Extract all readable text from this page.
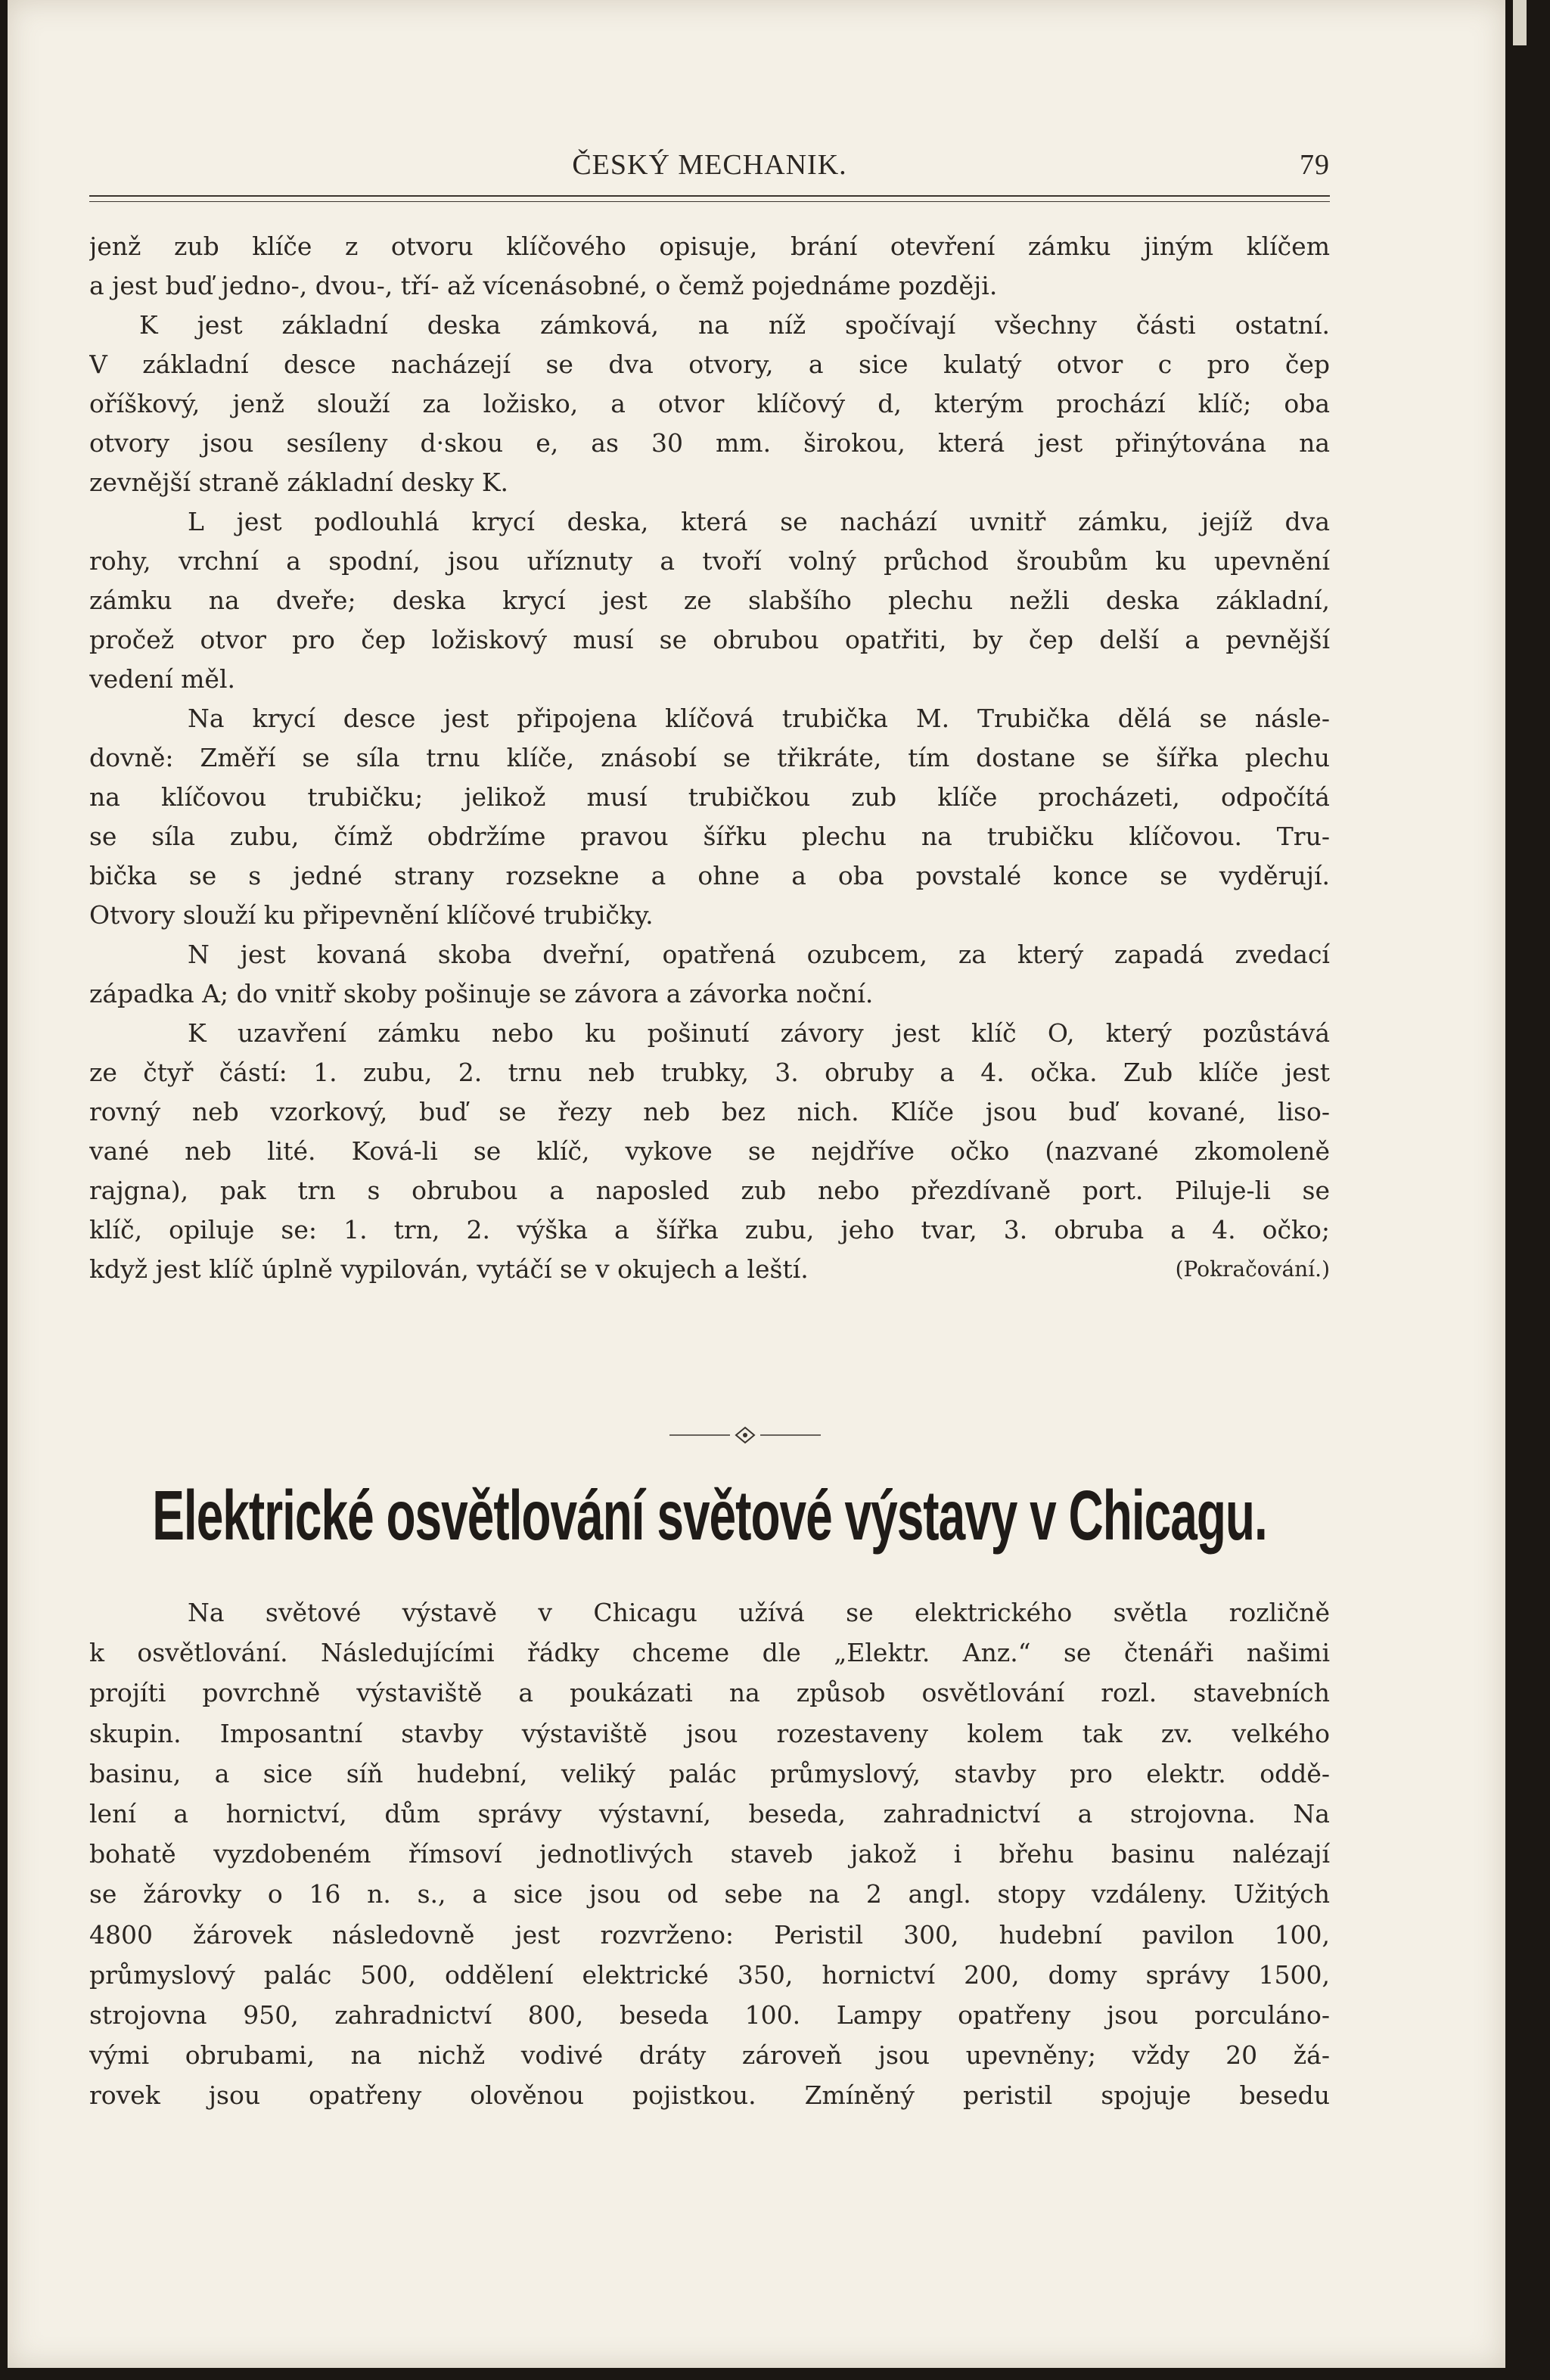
ČESKÝ MECHANIK.	79
jenž zub klíče z otvoru klíčového opisuje, brání otevření zámku jiným klíčem
a jest buď jedno-, dvou-, tří- až vícenásobné, o čemž pojednáme později.
K jest základní deska zámková, na níž spočívají všechny části ostatní.
V základní desce nacházejí se dva otvory, a sice kulatý otvor c pro čep
oříškový, jenž slouží za ložisko, a otvor klíčový d, kterým prochází klíč; oba
otvory jsou sesíleny d·skou e, as 30 mm. širokou, která jest přinýtována na
zevnější straně základní desky K.
L jest podlouhlá krycí deska, která se nachází uvnitř zámku, jejíž dva
rohy, vrchní a spodní, jsou uříznuty a tvoří volný průchod šroubům ku upevnění
zámku na dveře; deska krycí jest ze slabšího plechu nežli deska základní,
pročež otvor pro čep ložiskový musí se obrubou opatřiti, by čep delší a pevnější
vedení měl.
Na krycí desce jest připojena klíčová trubička M. Trubička dělá se násle-
dovně: Změří se síla trnu klíče, znásobí se třikráte, tím dostane se šířka plechu
na klíčovou trubičku; jelikož musí trubičkou zub klíče procházeti, odpočítá
se síla zubu, čímž obdržíme pravou šířku plechu na trubičku klíčovou. Tru-
bička se s jedné strany rozsekne a ohne a oba povstalé konce se vyděrují.
Otvory slouží ku připevnění klíčové trubičky.
N jest kovaná skoba dveřní, opatřená ozubcem, za který zapadá zvedací
západka A; do vnitř skoby pošinuje se závora a závorka noční.
K uzavření zámku nebo ku pošinutí závory jest klíč O, který pozůstává
ze čtyř částí: 1. zubu, 2. trnu neb trubky, 3. obruby a 4. očka. Zub klíče jest
rovný neb vzorkový, buď se řezy neb bez nich. Klíče jsou buď kované, liso-
vané neb lité. Ková-li se klíč, vykove se nejdříve očko (nazvané zkomoleně
rajgna), pak trn s obrubou a naposled zub nebo přezdívaně port. Piluje-li se
klíč, opiluje se: 1. trn, 2. výška a šířka zubu, jeho tvar, 3. obruba a 4. očko;
když jest klíč úplně vypilován, vytáčí se v okujech a leští.	(Pokračování.)
Elektrické osvětlování světové výstavy v Chicagu.
Na světové výstavě v Chicagu užívá se elektrického světla rozličně
k osvětlování. Následujícími řádky chceme dle „Elektr. Anz.“ se čtenáři našimi
projíti povrchně výstaviště a poukázati na způsob osvětlování rozl. stavebních
skupin. Imposantní stavby výstaviště jsou rozestaveny kolem tak zv. velkého
basinu, a sice síň hudební, veliký palác průmyslový, stavby pro elektr. oddě-
lení a hornictví, dům správy výstavní, beseda, zahradnictví a strojovna. Na
bohatě vyzdobeném římsoví jednotlivých staveb jakož i břehu basinu nalézají
se žárovky o 16 n. s., a sice jsou od sebe na 2 angl. stopy vzdáleny. Užitých
4800 žárovek následovně jest rozvrženo: Peristil 300, hudební pavilon 100,
průmyslový palác 500, oddělení elektrické 350, hornictví 200, domy správy 1500,
strojovna 950, zahradnictví 800, beseda 100. Lampy opatřeny jsou porculáno-
vými obrubami, na nichž vodivé dráty zároveň jsou upevněny; vždy 20 žá-
rovek jsou opatřeny olověnou pojistkou. Zmíněný peristil spojuje besedu
